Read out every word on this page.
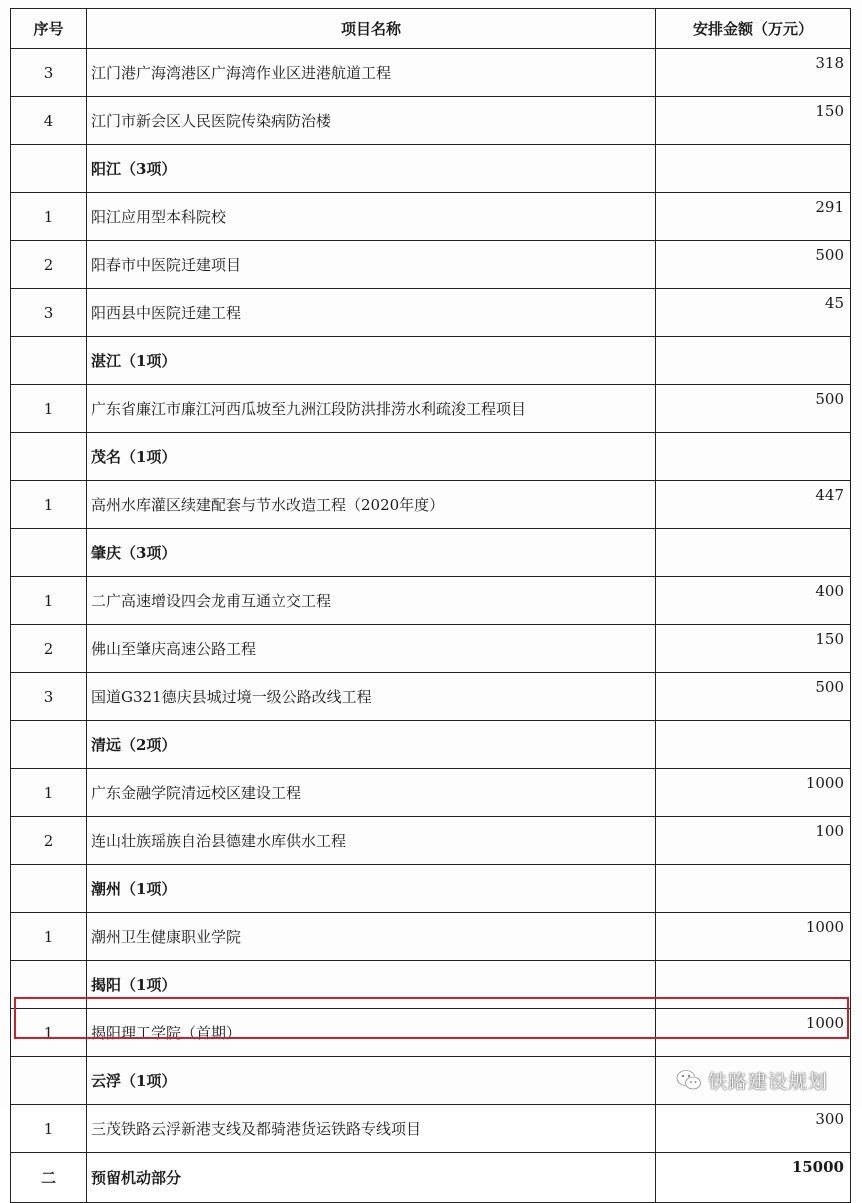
序号	项目名称	安排金额（万元）
3	江门港广海湾港区广海湾作业区进港航道工程	318
4	江门市新会区人民医院传染病防治楼	150
	阳江（3项）	
1	阳江应用型本科院校	291
2	阳春市中医院迁建项目	500
3	阳西县中医院迁建工程	45
	湛江（1项）	
1	广东省廉江市廉江河西瓜坡至九洲江段防洪排涝水利疏浚工程项目	500
	茂名（1项）	
1	高州水库灌区续建配套与节水改造工程（2020年度）	447
	肇庆（3项）	
1	二广高速增设四会龙甫互通立交工程	400
2	佛山至肇庆高速公路工程	150
3	国道G321德庆县城过境一级公路改线工程	500
	清远（2项）	
1	广东金融学院清远校区建设工程	1000
2	连山壮族瑶族自治县德建水库供水工程	100
	潮州（1项）	
1	潮州卫生健康职业学院	1000
	揭阳（1项）	
1	揭阳理工学院（首期）	1000
	云浮（1项）	
1	三茂铁路云浮新港支线及都骑港货运铁路专线项目	300
二	预留机动部分	15000
铁路建设规划
